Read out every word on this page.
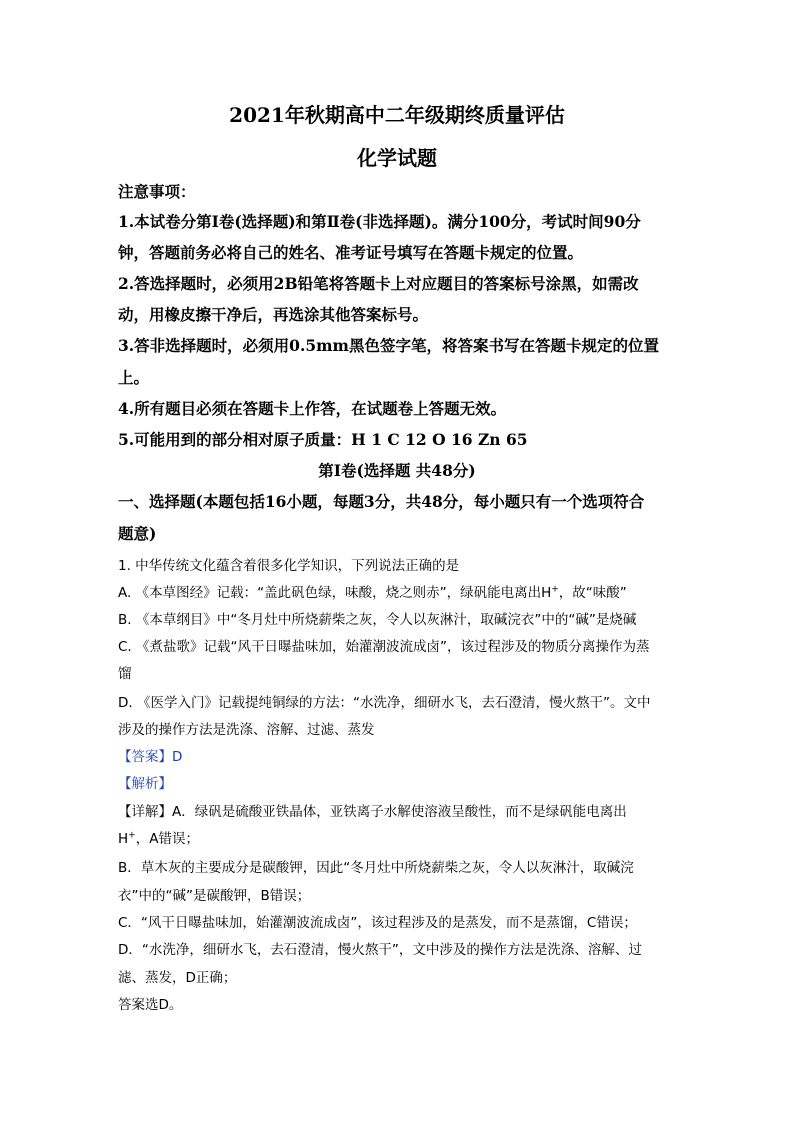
2021年秋期高中二年级期终质量评估
化学试题
注意事项：
1.本试卷分第Ⅰ卷(选择题)和第Ⅱ卷(非选择题)。满分100分，考试时间90分
钟，答题前务必将自己的姓名、准考证号填写在答题卡规定的位置。
2.答选择题时，必须用2B铅笔将答题卡上对应题目的答案标号涂黑，如需改
动，用橡皮擦干净后，再选涂其他答案标号。
3.答非选择题时，必须用0.5mm黑色签字笔，将答案书写在答题卡规定的位置
上。
4.所有题目必须在答题卡上作答，在试题卷上答题无效。
5.可能用到的部分相对原子质量：H 1 C 12 O 16 Zn 65
第Ⅰ卷(选择题 共48分)
一、选择题(本题包括16小题，每题3分，共48分，每小题只有一个选项符合
题意)
1. 中华传统文化蕴含着很多化学知识，下列说法正确的是
A. 《本草图经》记载：“盖此矾色绿，味酸，烧之则赤”，绿矾能电离出H+，故“味酸”
B. 《本草纲目》中“冬月灶中所烧薪柴之灰，令人以灰淋汁，取碱浣衣”中的“碱”是烧碱
C. 《煮盐歌》记载“风干日曝盐味加，始灌潮波流成卤”，该过程涉及的物质分离操作为蒸
馏
D. 《医学入门》记载提纯铜绿的方法：“水洗净，细研水飞，去石澄清，慢火熬干”。文中
涉及的操作方法是洗涤、溶解、过滤、蒸发
【答案】D
【解析】
【详解】A．绿矾是硫酸亚铁晶体，亚铁离子水解使溶液呈酸性，而不是绿矾能电离出
H+，A错误；
B．草木灰的主要成分是碳酸钾，因此“冬月灶中所烧薪柴之灰，令人以灰淋汁，取碱浣
衣”中的“碱”是碳酸钾，B错误；
C．“风干日曝盐味加，始灌潮波流成卤”，该过程涉及的是蒸发，而不是蒸馏，C错误；
D．“水洗净，细研水飞，去石澄清，慢火熬干”，文中涉及的操作方法是洗涤、溶解、过
滤、蒸发，D正确；
答案选D。
